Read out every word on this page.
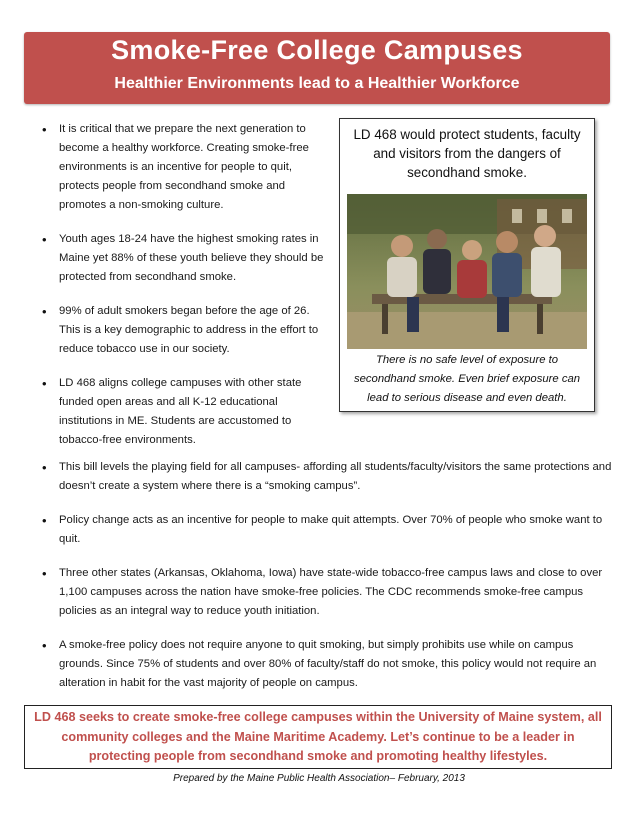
Smoke-Free College Campuses
Healthier Environments lead to a Healthier Workforce
• It is critical that we prepare the next generation to become a healthy workforce. Creating smoke-free environments is an incentive for people to quit, protects people from secondhand smoke and promotes a non-smoking culture.
• Youth ages 18-24 have the highest smoking rates in Maine yet 88% of these youth believe they should be protected from secondhand smoke.
• 99% of adult smokers began before the age of 26. This is a key demographic to address in the effort to reduce tobacco use in our society.
• LD 468 aligns college campuses with other state funded open areas and all K-12 educational institutions in ME. Students are accustomed to tobacco-free environments.
LD 468 would protect students, faculty and visitors from the dangers of secondhand smoke.
There is no safe level of exposure to secondhand smoke. Even brief exposure can lead to serious disease and even death.
• This bill levels the playing field for all campuses- affording all students/faculty/visitors the same protections and doesn’t create a system where there is a “smoking campus”.
• Policy change acts as an incentive for people to make quit attempts. Over 70% of people who smoke want to quit.
• Three other states (Arkansas, Oklahoma, Iowa) have state-wide tobacco-free campus laws and close to over 1,100 campuses across the nation have smoke-free policies. The CDC recommends smoke-free campus policies as an integral way to reduce youth initiation.
• A smoke-free policy does not require anyone to quit smoking, but simply prohibits use while on campus grounds. Since 75% of students and over 80% of faculty/staff do not smoke, this policy would not require an alteration in habit for the vast majority of people on campus.
LD 468 seeks to create smoke-free college campuses within the University of Maine system, all community colleges and the Maine Maritime Academy. Let’s continue to be a leader in protecting people from secondhand smoke and promoting healthy lifestyles.
Prepared by the Maine Public Health Association– February, 2013
